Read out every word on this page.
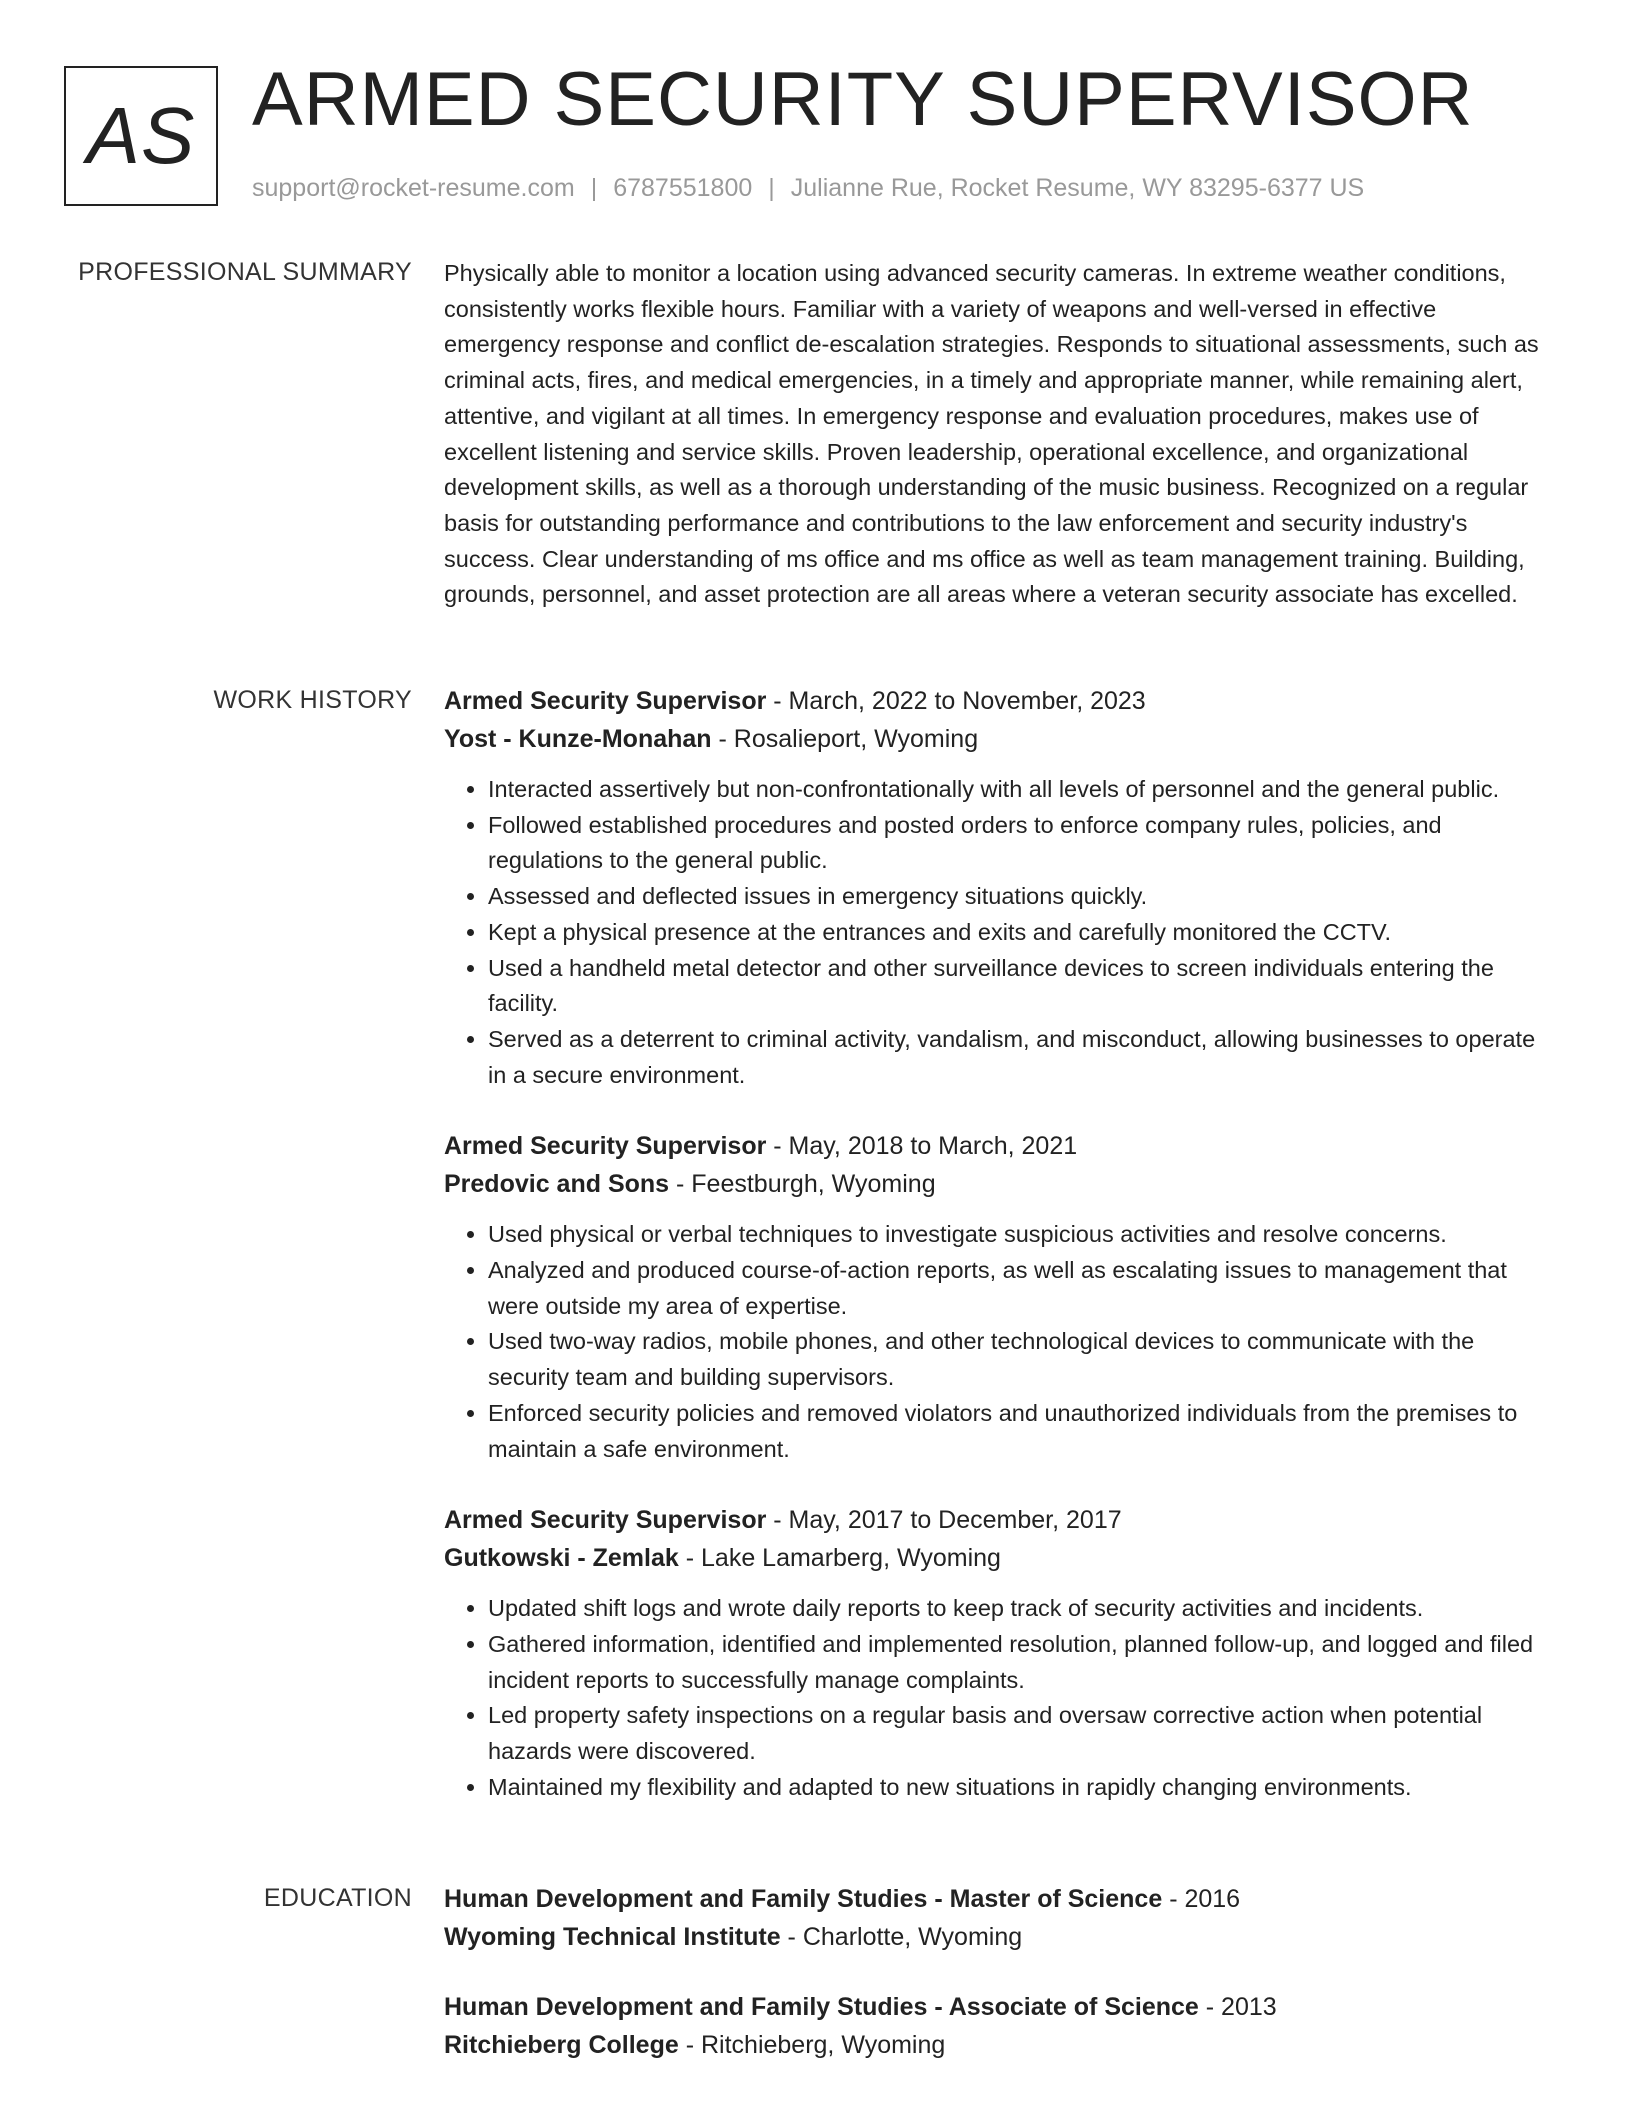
AS ARMED SECURITY SUPERVISOR
support@rocket-resume.com | 6787551800 | Julianne Rue, Rocket Resume, WY 83295-6377 US
PROFESSIONAL SUMMARY Physically able to monitor a location using advanced security cameras. In extreme weather conditions, consistently works flexible hours. Familiar with a variety of weapons and well-versed in effective emergency response and conflict de-escalation strategies. Responds to situational assessments, such as criminal acts, fires, and medical emergencies, in a timely and appropriate manner, while remaining alert, attentive, and vigilant at all times. In emergency response and evaluation procedures, makes use of excellent listening and service skills. Proven leadership, operational excellence, and organizational development skills, as well as a thorough understanding of the music business. Recognized on a regular basis for outstanding performance and contributions to the law enforcement and security industry's success. Clear understanding of ms office and ms office as well as team management training. Building, grounds, personnel, and asset protection are all areas where a veteran security associate has excelled.

WORK HISTORY Armed Security Supervisor - March, 2022 to November, 2023
Yost - Kunze-Monahan - Rosalieport, Wyoming
• Interacted assertively but non-confrontationally with all levels of personnel and the general public.
• Followed established procedures and posted orders to enforce company rules, policies, and regulations to the general public.
• Assessed and deflected issues in emergency situations quickly.
• Kept a physical presence at the entrances and exits and carefully monitored the CCTV.
• Used a handheld metal detector and other surveillance devices to screen individuals entering the facility.
• Served as a deterrent to criminal activity, vandalism, and misconduct, allowing businesses to operate in a secure environment.
Armed Security Supervisor - May, 2018 to March, 2021
Predovic and Sons - Feestburgh, Wyoming
• Used physical or verbal techniques to investigate suspicious activities and resolve concerns.
• Analyzed and produced course-of-action reports, as well as escalating issues to management that were outside my area of expertise.
• Used two-way radios, mobile phones, and other technological devices to communicate with the security team and building supervisors.
• Enforced security policies and removed violators and unauthorized individuals from the premises to maintain a safe environment.
Armed Security Supervisor - May, 2017 to December, 2017
Gutkowski - Zemlak - Lake Lamarberg, Wyoming
• Updated shift logs and wrote daily reports to keep track of security activities and incidents.
• Gathered information, identified and implemented resolution, planned follow-up, and logged and filed incident reports to successfully manage complaints.
• Led property safety inspections on a regular basis and oversaw corrective action when potential hazards were discovered.
• Maintained my flexibility and adapted to new situations in rapidly changing environments.
EDUCATION Human Development and Family Studies - Master of Science - 2016
Wyoming Technical Institute - Charlotte, Wyoming
Human Development and Family Studies - Associate of Science - 2013
Ritchieberg College - Ritchieberg, Wyoming
